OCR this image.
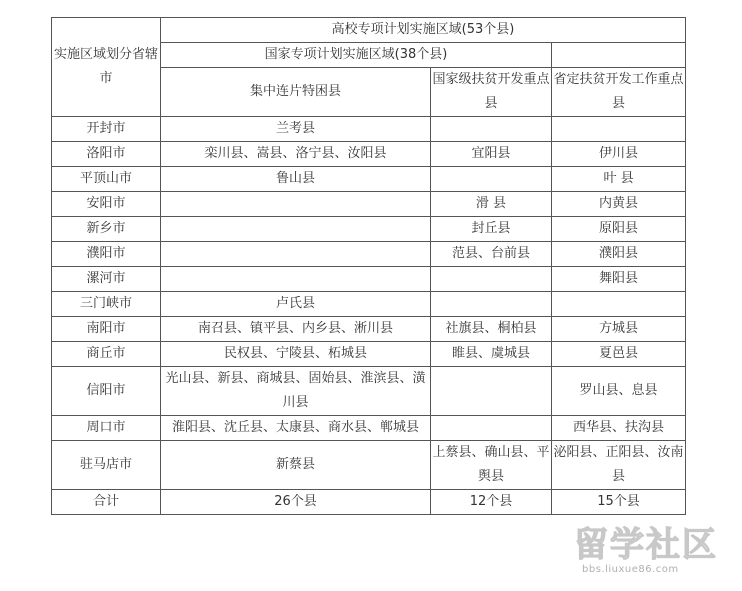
实施区域划分省辖市	高校专项计划实施区域(53个县)		
	国家专项计划实施区域(38个县)		
	集中连片特困县	国家级扶贫开发重点县	省定扶贫开发工作重点县
开封市	兰考县		
洛阳市	栾川县、嵩县、洛宁县、汝阳县	宜阳县	伊川县
平顶山市	鲁山县		叶 县
安阳市		滑 县	内黄县
新乡市		封丘县	原阳县
濮阳市		范县、台前县	濮阳县
漯河市			舞阳县
三门峡市	卢氏县		
南阳市	南召县、镇平县、内乡县、淅川县	社旗县、桐柏县	方城县
商丘市	民权县、宁陵县、柘城县	睢县、虞城县	夏邑县
信阳市	光山县、新县、商城县、固始县、淮滨县、潢川县		罗山县、息县
周口市	淮阳县、沈丘县、太康县、商水县、郸城县		西华县、扶沟县
驻马店市	新蔡县	上蔡县、确山县、平舆县	泌阳县、正阳县、汝南县
合计	26个县	12个县	15个县
留学社区
bbs.liuxue86.com
